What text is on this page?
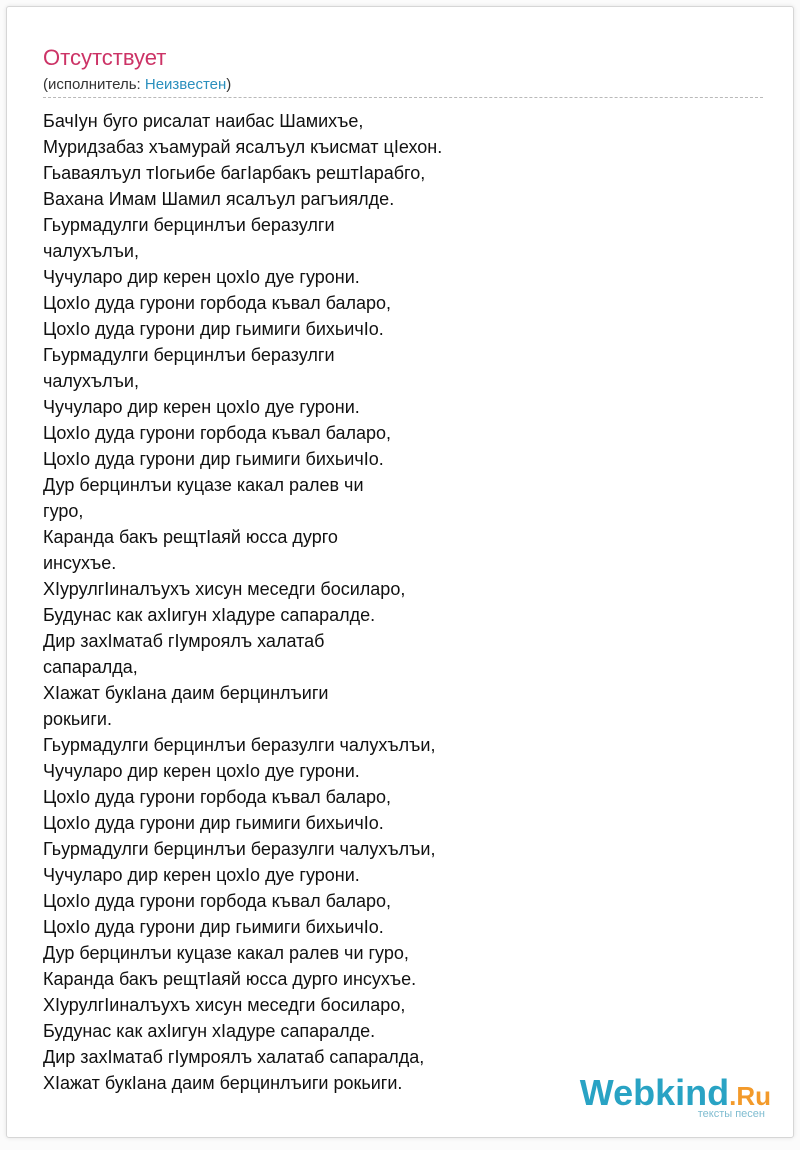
Отсутствует
(исполнитель: Неизвестен)
БачIун буго рисалат наибас Шамихъе,
Муридзабаз хъамурай ясалъул къисмат цIехон.
Гьаваялъул тIогьибе багIарбакъ рештIарабго,
Вахана Имам Шамил ясалъул рагъиялде.
Гьурмадулги берцинлъи беразулги
чалухълъи,
Чучуларо дир керен цохIо дуе гурони.
ЦохIо дуда гурони горбода къвал баларо,
ЦохIо дуда гурони дир гьимиги бихьичIо.
Гьурмадулги берцинлъи беразулги
чалухълъи,
Чучуларо дир керен цохIо дуе гурони.
ЦохIо дуда гурони горбода къвал баларо,
ЦохIо дуда гурони дир гьимиги бихьичIо.
Дур берцинлъи куцазе какал ралев чи
гуро,
Каранда бакъ рещтIаяй юсса дурго
инсухъе.
ХIурулгIиналъухъ хисун меседги босиларо,
Будунас как ахIигун хIадуре сапаралде.
Дир захIматаб гIумроялъ халатаб
сапаралда,
ХIажат букIана даим берцинлъиги
рокьиги.
Гьурмадулги берцинлъи беразулги чалухълъи,
Чучуларо дир керен цохIо дуе гурони.
ЦохIо дуда гурони горбода къвал баларо,
ЦохIо дуда гурони дир гьимиги бихьичIо.
Гьурмадулги берцинлъи беразулги чалухълъи,
Чучуларо дир керен цохIо дуе гурони.
ЦохIо дуда гурони горбода къвал баларо,
ЦохIо дуда гурони дир гьимиги бихьичIо.
Дур берцинлъи куцазе какал ралев чи гуро,
Каранда бакъ рещтIаяй юсса дурго инсухъе.
ХIурулгIиналъухъ хисун меседги босиларо,
Будунас как ахIигун хIадуре сапаралде.
Дир захIматаб гIумроялъ халатаб сапаралда,
ХIажат букIана даим берцинлъиги рокьиги.	Webkind.Ru
тексты песен
